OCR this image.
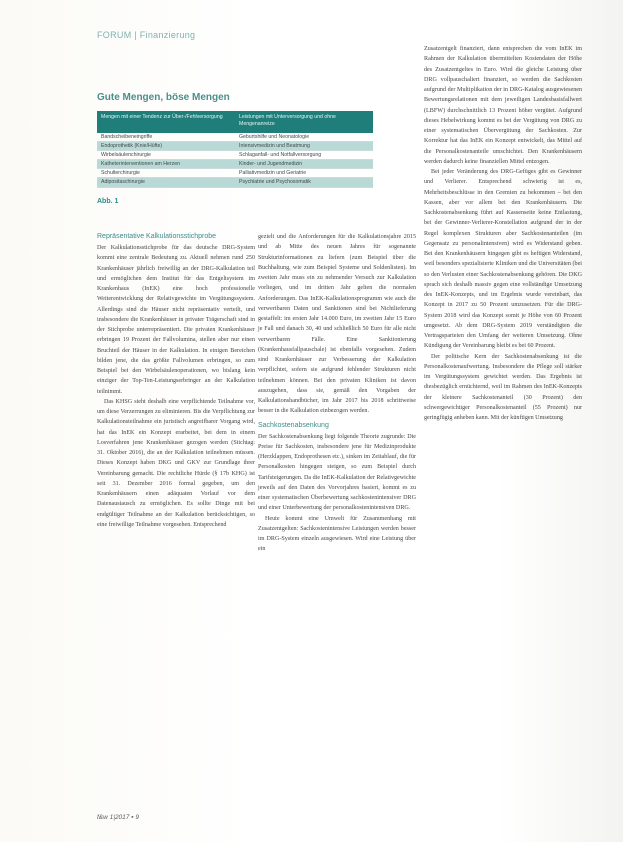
FORUM | Finanzierung
Gute Mengen, böse Mengen
Mengen mit einer Tendenz zur Über-/Fehlversorgung	Leistungen mit Unterversorgung und ohne Mengenanreize
Bandscheibeneingriffe	Geburtshilfe und Neonatologie
Endoprothetik (Knie/Hüfte)	Intensivmedizin und Beatmung
Wirbelsäulenchirurgie	Schlaganfall- und Notfallversorgung
Katheterinterventionen am Herzen	Kinder- und Jugendmedizin
Schulterchirurgie	Palliativmedizin und Geriatrie
Adipositaschirurgie	Psychiatrie und Psychosomatik
Abb. 1
Repräsentative Kalkulationsstichprobe

Der Kalkulationsstichprobe für das deutsche DRG-System kommt eine zentrale Bedeutung zu. Aktuell nehmen rund 250 Krankenhäuser jährlich freiwillig an der DRG-Kalkulation teil und ermöglichen dem Institut für das Entgeltsystem im Krankenhaus (InEK) eine hoch professionelle Weiterentwicklung der Relativgewichte im Vergütungssystem. Allerdings sind die Häuser nicht repräsentativ verteilt, und insbesondere die Krankenhäuser in privater Trägerschaft sind in der Stichprobe unterrepräsentiert. Die privaten Krankenhäuser erbringen 19 Prozent der Fallvolumina, stellen aber nur einen Bruchteil der Häuser in der Kalkulation. In einigen Bereichen bilden jene, die das größte Fallvolumen erbringen, so zum Beispiel bei den Wirbelsäulenoperationen, wo bislang kein einziger der Top-Ten-Leistungserbringer an der Kalkulation teilnimmt.

Das KHSG sieht deshalb eine verpflichtende Teilnahme vor, um diese Verzerrungen zu eliminieren. Bis die Verpflichtung zur Kalkulationsteilnahme ein juristisch angreifbarer Vorgang wird, hat das InEK ein Konzept erarbeitet, bei dem in einem Losverfahren jene Krankenhäuser gezogen werden (Stichtag: 31. Oktober 2016), die an der Kalkulation teilnehmen müssen. Dieses Konzept haben DKG und GKV zur Grundlage ihrer Vereinbarung gemacht. Die rechtliche Hürde (§ 17b KHG) ist seit 31. Dezember 2016 formal gegeben, um den Krankenhäusern einen adäquaten Vorlauf vor dem Datenaustausch zu ermöglichen. Es sollte Dinge mit bei endgültiger Teilnahme an der Kalkulation berücksichtigen, so eine freiwillige Teilnahme vorgesehen. Entsprechend

gezielt und die Anforderungen für die Kalkulationsjahre 2015 und ab Mitte des neuen Jahres für sogenannte Strukturinformationen zu liefern (zum Beispiel über die Buchhaltung, wie zum Beispiel Systeme und Soldenlisten). Im zweiten Jahr muss ein zu nehmender Versuch zur Kalkulation vorliegen, und im dritten Jahr gelten die normalen Anforderungen. Das InEK-Kalkulationsprogramm wie auch die verwertbaren Daten und Sanktionen sind bei Nichtlieferung gestaffelt: im ersten Jahr 14.000 Euro, im zweiten Jahr 15 Euro je Fall und danach 30, 40 und schließlich 50 Euro für alle nicht verwertbaren Fälle. Eine Sanktionierung (Krankenhausfallpauschale) ist ebenfalls vorgesehen. Zudem sind Krankenhäuser zur Verbesserung der Kalkulation verpflichtet, sofern sie aufgrund fehlender Strukturen nicht teilnehmen können. Bei den privaten Kliniken ist davon auszugehen, dass sie, gemäß den Vorgaben der Kalkulationshandbücher, im Jahr 2017 bis 2018 schrittweise besser in die Kalkulation einbezogen werden.

Sachkostenabsenkung

Der Sachkostenabsenkung liegt folgende Theorie zugrunde: Die Preise für Sachkosten, insbesondere jene für Medizinprodukte (Herzklappen, Endoprothesen etc.), sinken im Zeitablauf, die für Personalkosten hingegen steigen, so zum Beispiel durch Tarifsteigerungen. Da die InEK-Kalkulation der Relativgewichte jeweils auf den Daten des Vorvorjahres basiert, kommt es zu einer systematischen Überbewertung sachkostenintensiver DRG und einer Unterbewertung der personalkostenintensiven DRG.

Heute kommt eine Umwelt für Zusammenhang mit Zusatzentgelten: Sachkostenintensive Leistungen werden besser im DRG-System einzeln ausgewiesen. Wird eine Leistung über ein

Zusatzentgelt finanziert, dann entsprechen die vom InEK im Rahmen der Kalkulation übermittelten Kostendaten der Höhe des Zusatzentgeltes in Euro. Wird die gleiche Leistung über DRG vollpauschaliert finanziert, so werden die Sachkosten aufgrund der Multiplikation der in DRG-Katalog ausgewiesenen Bewertungsrelationen mit dem jeweiligen Landesbasisfallwert (LBFW) durchschnittlich 13 Prozent höher vergütet. Aufgrund dieses Hebelwirkung kommt es bei der Vergütung von DRG zu einer systematischen Übervergütung der Sachkosten. Zur Korrektur hat das InEK ein Konzept entwickelt, das Mittel auf die Personalkostenanteile umschichtet. Den Krankenhäusern werden dadurch keine finanziellen Mittel entzogen.

Bei jeder Veränderung des DRG-Gefüges gibt es Gewinner und Verlierer. Entsprechend schwierig ist es, Mehrheitsbeschlüsse in den Gremien zu bekommen – bei den Kassen, aber vor allem bei den Krankenhäusern. Die Sachkostenabsenkung führt auf Kassenseite keine Entlastung, bei der Gewinner-Verlierer-Konstellation aufgrund der in der Regel komplexen Strukturen aber Sachkostenanteilen (im Gegensatz zu personalintensiven) wird es Widerstand geben. Bei den Krankenhäusern hingegen gibt es heftigen Widerstand, weil besonders spezialisierte Kliniken und die Universitäten (bei so den Verlusten einer Sachkostenabsenkung gehören. Die DKG sprach sich deshalb massiv gegen eine vollständige Umsetzung des InEK-Konzepts, und im Ergebnis wurde vereinbart, das Konzept in 2017 zu 50 Prozent umzusetzen. Für die DRG-System 2018 wird das Konzept somit je Höhe von 60 Prozent umgesetzt. Ab dem DRG-System 2019 verständigten die Vertragsparteien den Umfang der weiteren Umsetzung. Ohne Kündigung der Vereinbarung bleibt es bei 60 Prozent.

Der politische Kern der Sachkostenabsenkung ist die Personalkostenaufwertung. Insbesondere die Pflege soll stärker im Vergütungssystem gewichtet werden. Das Ergebnis ist diesbezüglich ernüchternd, weil im Rahmen des InEK-Konzepts der kleinere Sachkostenanteil (30 Prozent) den schwergewichtiger Personalkostenanteil (55 Prozent) nur geringfügig anheben kann. Mit der künftigen Umsetzung

f&w 1|2017 ▪ 9
